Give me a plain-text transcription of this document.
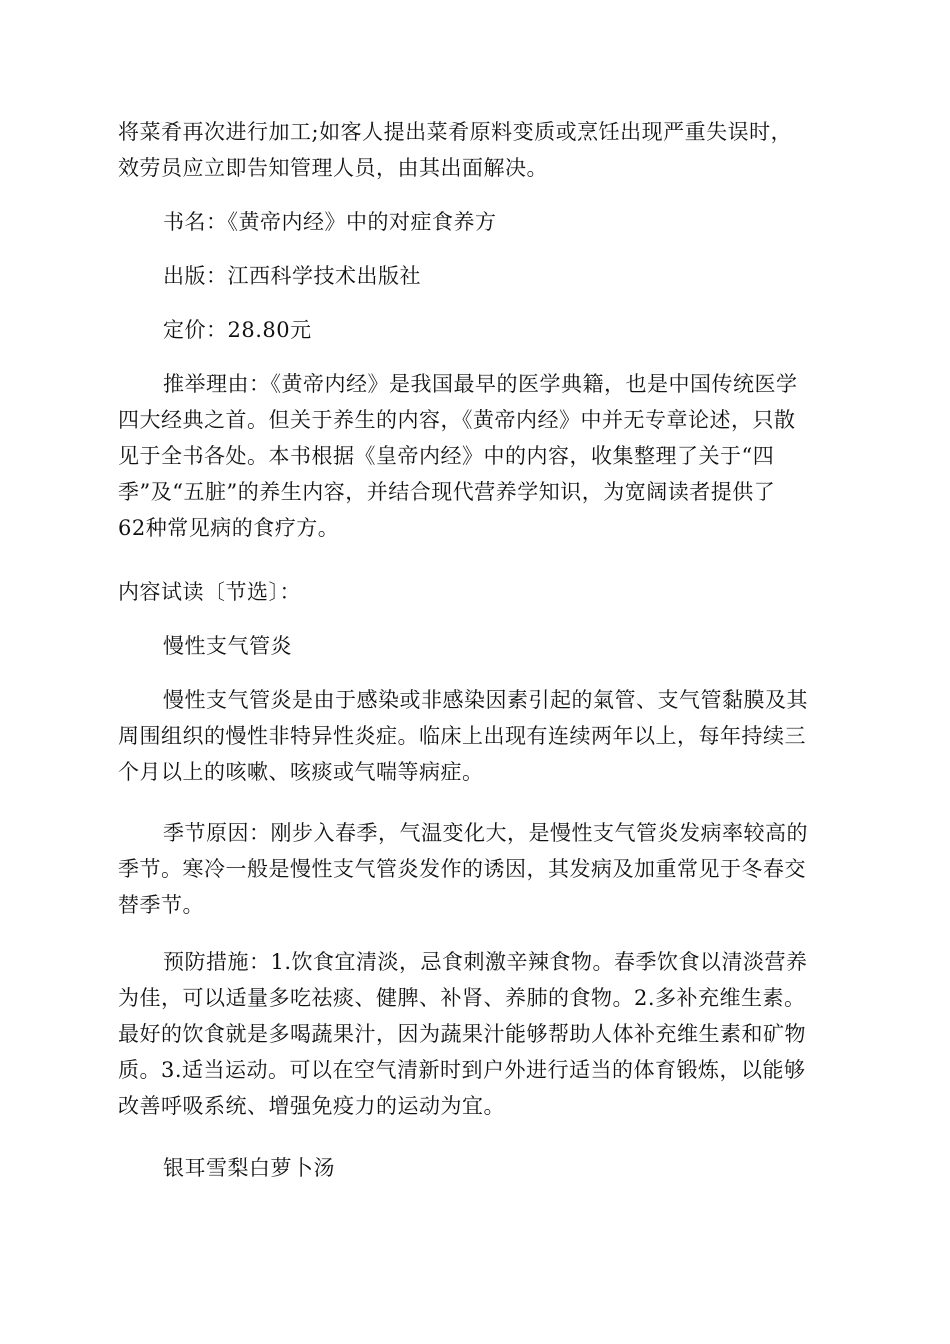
将菜肴再次进行加工;如客人提出菜肴原料变质或烹饪出现严重失误时，
效劳员应立即告知管理人员，由其出面解决。
书名：《黄帝内经》中的对症食养方
出版：江西科学技术出版社
定价：28.80元
推举理由：《黄帝内经》是我国最早的医学典籍，也是中国传统医学
四大经典之首。但关于养生的内容，《黄帝内经》中并无专章论述，只散
见于全书各处。本书根据《皇帝内经》中的内容，收集整理了关于“四
季”及“五脏”的养生内容，并结合现代营养学知识，为宽阔读者提供了
62种常见病的食疗方。
内容试读〔节选〕：
慢性支气管炎
慢性支气管炎是由于感染或非感染因素引起的氣管、支气管黏膜及其
周围组织的慢性非特异性炎症。临床上出现有连续两年以上，每年持续三
个月以上的咳嗽、咳痰或气喘等病症。
季节原因：刚步入春季，气温变化大，是慢性支气管炎发病率较高的
季节。寒冷一般是慢性支气管炎发作的诱因，其发病及加重常见于冬春交
替季节。
预防措施：1.饮食宜清淡，忌食刺激辛辣食物。春季饮食以清淡营养
为佳，可以适量多吃祛痰、健脾、补肾、养肺的食物。2.多补充维生素。
最好的饮食就是多喝蔬果汁，因为蔬果汁能够帮助人体补充维生素和矿物
质。3.适当运动。可以在空气清新时到户外进行适当的体育锻炼，以能够
改善呼吸系统、增强免疫力的运动为宜。
银耳雪梨白萝卜汤
